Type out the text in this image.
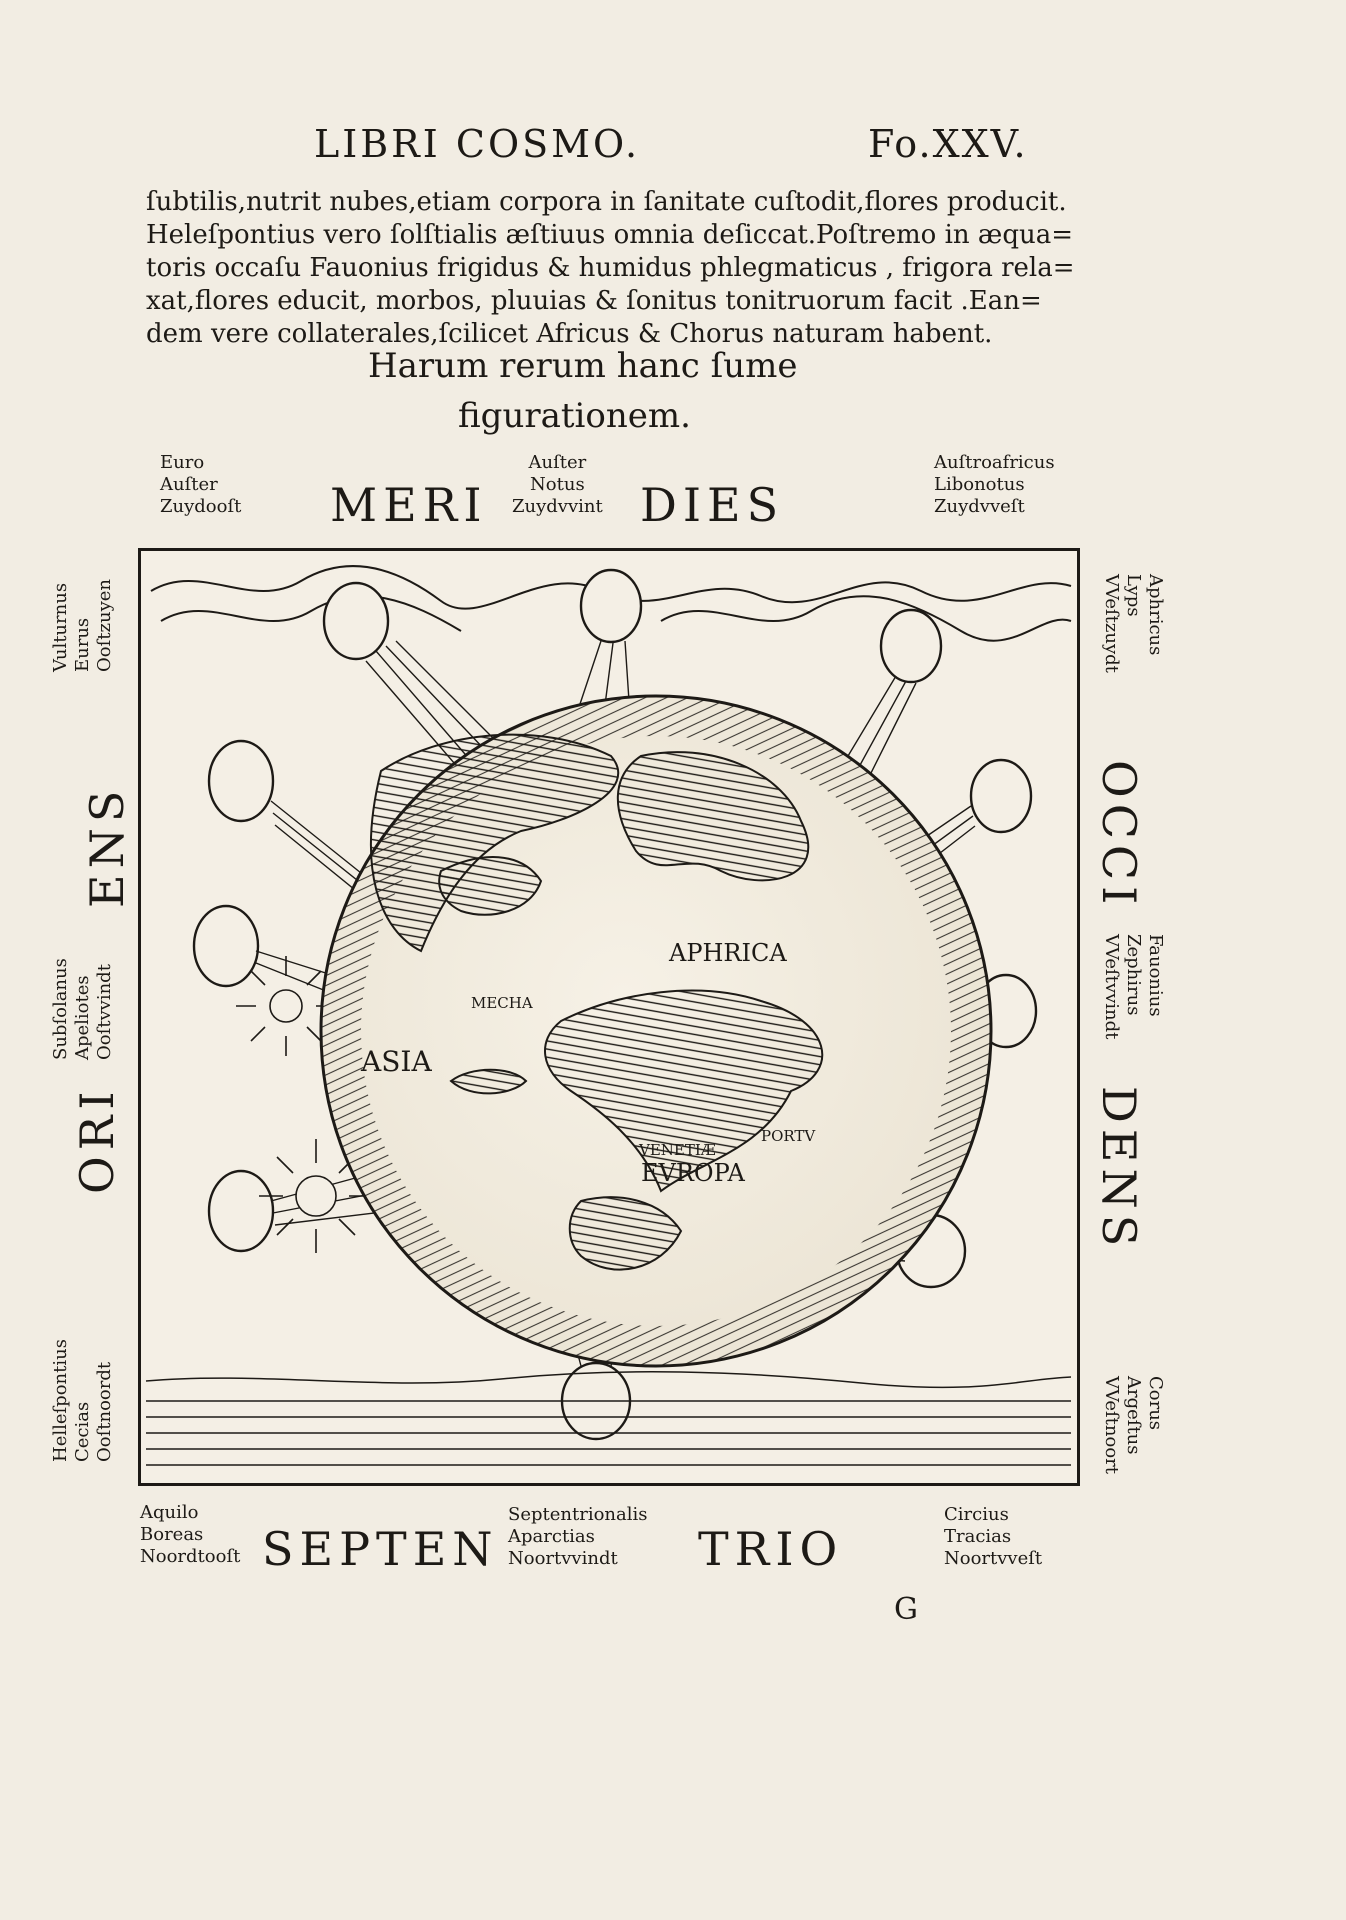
LIBRI COSMO.	Fo.XXV.
ſubtilis,nutrit nubes,etiam corpora in ſanitate cuſtodit,flores producit.
Heleſpontius vero ſolſtialis æſtiuus omnia deſiccat.Poſtremo in æqua=
toris occaſu Fauonius frigidus & humidus phlegmaticus , frigora rela=
xat,flores educit, morbos, pluuias & ſonitus tonitruorum facit .Ean=
dem vere collaterales,ſcilicet Africus & Chorus naturam habent.
Harum rerum hanc ſume
figurationem.
Euro
Auſter
Zuydooſt MERI
Auſter
Notus
Zuydvvint DIES
Auſtroafricus
Libonotus
Zuydvveſt
Vulturnus Eurus Ooſtzuyen
ENS
Subſolanus Apeliotes Ooſtvvindt
ORI
Helleſpontius Cecias Ooſtnoordt
Aphricus
Lyps
VVeſtzuydt
OCCI
Fauonius
Zephirus
VVeſtvvindt
DENS
Corus
Argeſtus
VVeſtnoort
ASIA
APHRICA
EVROPA
VENETIÆ
PORTV
MECHA
Aquilo
Boreas
Noordtooſt SEPTEN
Septentrionalis
Aparctias
Noortvvindt	TRIO
Circius
Tracias
Noortvveſt
G
